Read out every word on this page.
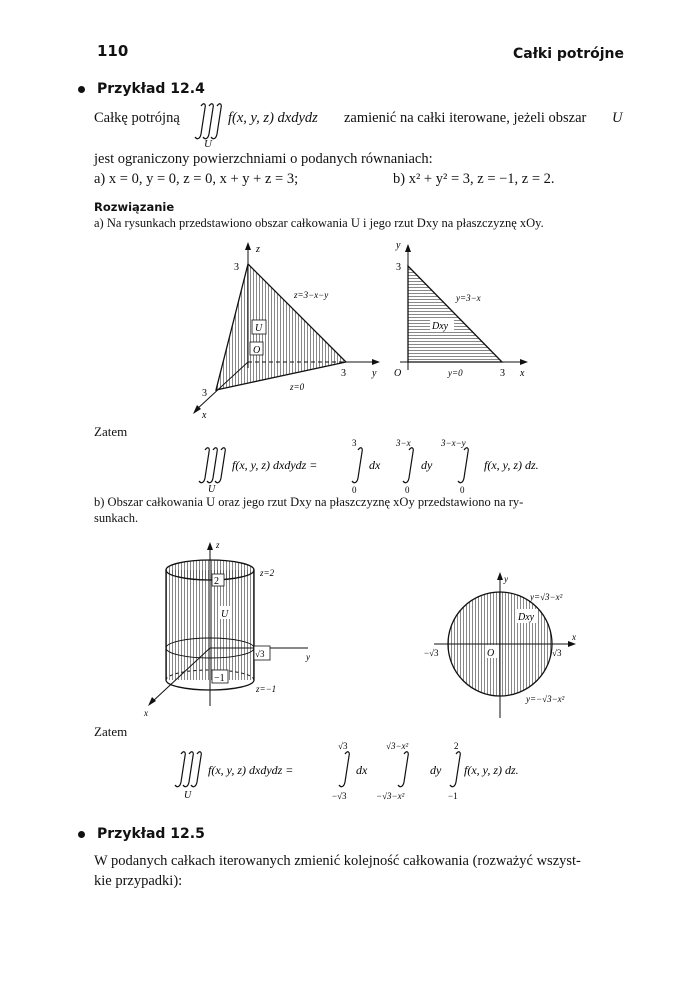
110	Całki potrójne
Przykład 12.4
Całkę potrójną
U
f(x, y, z) dxdydz zamienić na całki iterowane, jeżeli obszar U
jest ograniczony powierzchniami o podanych równaniach:
a) x = 0, y = 0, z = 0, x + y + z = 3;	b) x² + y² = 3, z = −1, z = 2.
Rozwiązanie
a) Na rysunkach przedstawiono obszar całkowania U i jego rzut Dxy na płaszczyznę xOy.
z
3
z=3−x−y
U
O
3	y
z=0
3
x
y
3
y=3−x
Dxy
O	y=0	3 x
Zatem
U
f(x, y, z) dxdydz =
3
0
dx
3−x
0
dy
3−x−y
0
f(x, y, z) dz.
b) Obszar całkowania U oraz jego rzut Dxy na płaszczyznę xOy przedstawiono na ry-
sunkach.
z
z=2
2
U
√3	y
−1
z=−1
x
y
y=√3−x²
Dxy
x
−√3	O	√3
y=−√3−x²
Zatem
U
f(x, y, z) dxdydz =
√3
−√3
dx
√3−x²
−√3−x²
dy
2
−1
f(x, y, z) dz.
Przykład 12.5
W podanych całkach iterowanych zmienić kolejność całkowania (rozważyć wszyst-
kie przypadki):
